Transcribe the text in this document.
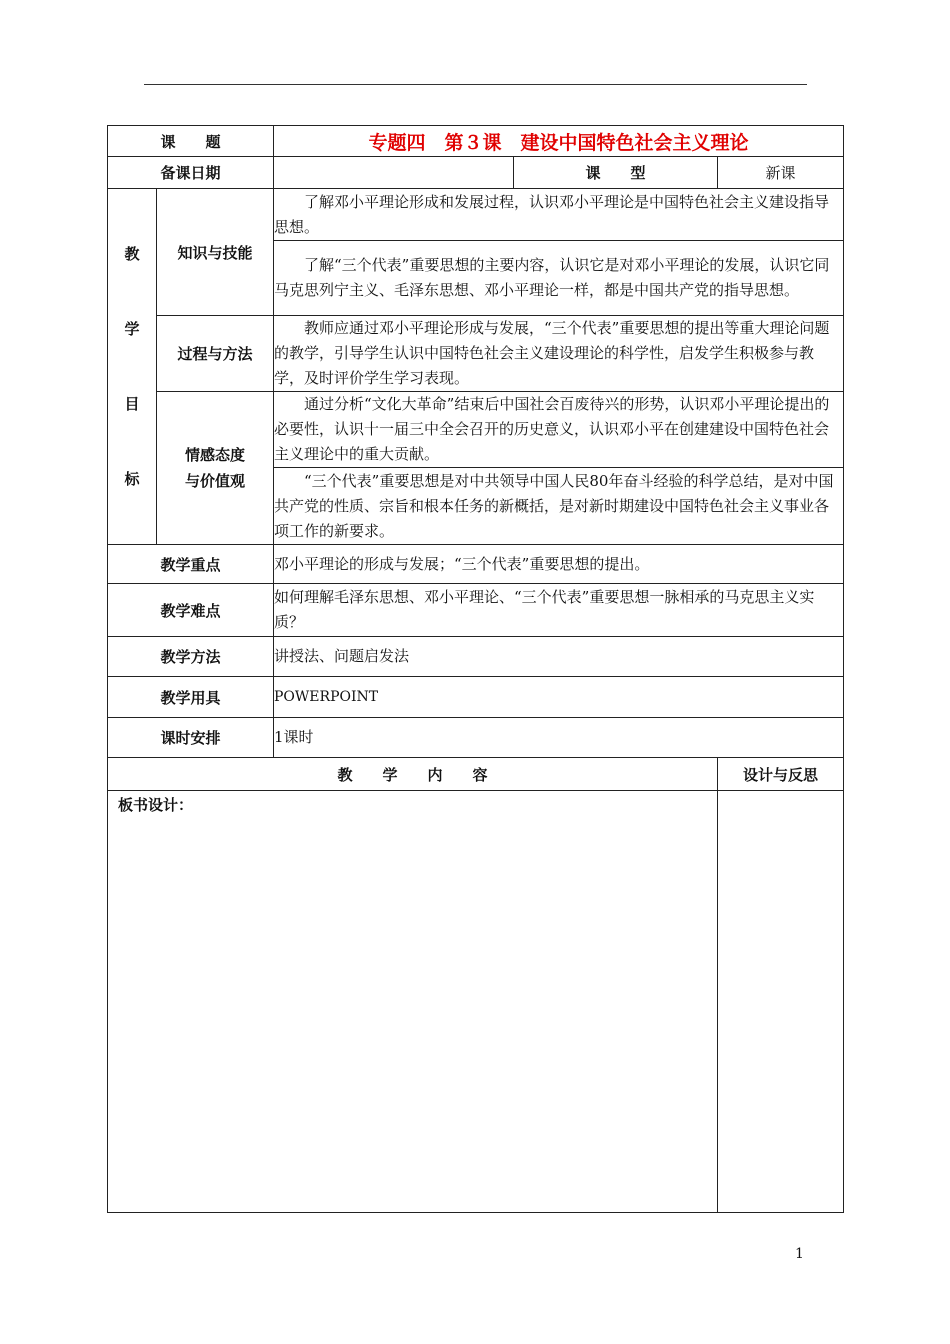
课　　题		专题四　第３课　建设中国特色社会主义理论		
备课日期			课　　型	新课

教
学
目
标	知识与技能	了解邓小平理论形成和发展过程，认识邓小平理论是中国特色社会主义建设指导思想。		
		了解“三个代表”重要思想的主要内容，认识它是对邓小平理论的发展，认识它同马克思列宁主义、毛泽东思想、邓小平理论一样，都是中国共产党的指导思想。		
	过程与方法	教师应通过邓小平理论形成与发展，“三个代表”重要思想的提出等重大理论问题的教学，引导学生认识中国特色社会主义建设理论的科学性，启发学生积极参与教学，及时评价学生学习表现。		

	情感态度
与价值观	通过分析“文化大革命”结束后中国社会百废待兴的形势，认识邓小平理论提出的必要性，认识十一届三中全会召开的历史意义，认识邓小平在创建建设中国特色社会主义理论中的重大贡献。		
		“三个代表”重要思想是对中共领导中国人民80年奋斗经验的科学总结，是对中国共产党的性质、宗旨和根本任务的新概括，是对新时期建设中国特色社会主义事业各项工作的新要求。		
教学重点		邓小平理论的形成与发展；“三个代表”重要思想的提出。		
教学难点		如何理解毛泽东思想、邓小平理论、“三个代表”重要思想一脉相承的马克思主义实质？		
教学方法		讲授法、问题启发法		
教学用具		POWERPOINT		
课时安排		1课时		
教　　学　　内　　容				设计与反思

板书设计：				

1
